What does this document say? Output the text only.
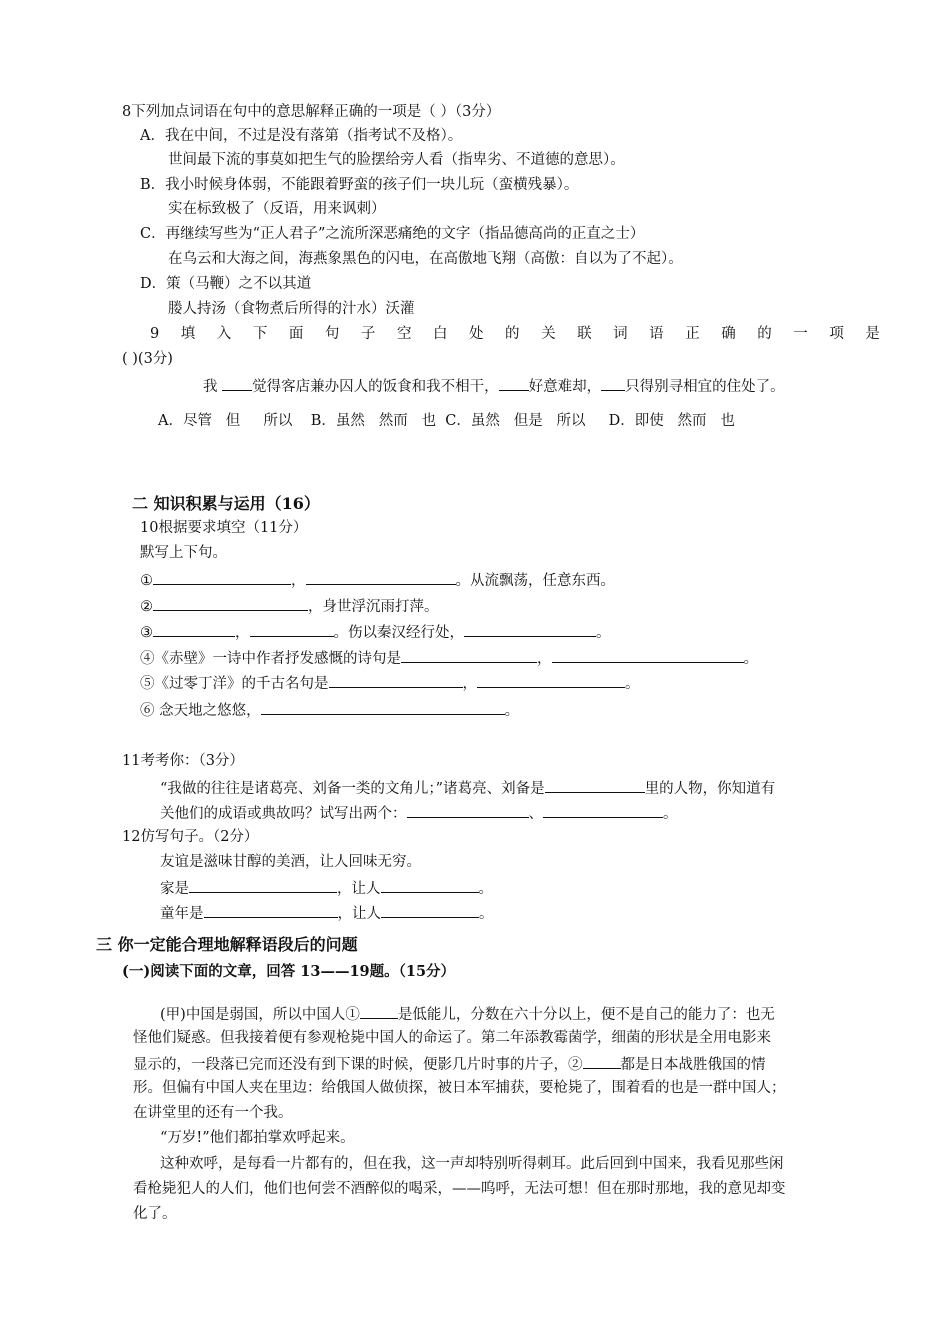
8下列加点词语在句中的意思解释正确的一项是（ ）（3分）
A．我在中间，不过是没有落第（指考试不及格）。
世间最下流的事莫如把生气的脸摆给旁人看（指卑劣、不道德的意思）。
B．我小时候身体弱，不能跟着野蛮的孩子们一块儿玩（蛮横残暴）。
实在标致极了（反语，用来讽刺）
C．再继续写些为“正人君子”之流所深恶痛绝的文字（指品德高尚的正直之士）
在乌云和大海之间，海燕象黑色的闪电，在高傲地飞翔（高傲：自以为了不起）。
D．策（马鞭）之不以其道
媵人持汤（食物煮后所得的汁水）沃灌
9 填 入 下 面 句 子 空 白 处 的 关 联 词 语 正 确 的 一 项 是
( )(3分)
我 觉得客店兼办囚人的饭食和我不相干， 好意难却， 只得别寻相宜的住处了。
A．尽管   但     所以    B．虽然   然而   也  C．虽然   但是   所以     D．即使   然而   也
二 知识积累与运用（16）
10根据要求填空（11分）
默写上下句。
①	，	。从流飘荡，任意东西。
②	，身世浮沉雨打萍。
③	，	。伤以秦汉经行处，	。
④《赤壁》一诗中作者抒发感慨的诗句是	，	。
⑤《过零丁洋》的千古名句是	，	。
⑥ 念天地之悠悠，	。
11考考你：（3分）
“我做的往往是诸葛亮、刘备一类的文角儿；”诸葛亮、刘备是	里的人物，你知道有
关他们的成语或典故吗？试写出两个：	、	。
12仿写句子。（2分）
友谊是滋味甘醇的美酒，让人回味无穷。
家是	，让人	。
童年是	，让人	。
三 你一定能合理地解释语段后的问题
(一)阅读下面的文章，回答 13——19题。（15分）
(甲)中国是弱国，所以中国人①	是低能儿，分数在六十分以上，便不是自己的能力了：也无
怪他们疑惑。但我接着便有参观枪毙中国人的命运了。第二年添教霉菌学，细菌的形状是全用电影来
显示的，一段落已完而还没有到下课的时候，便影几片时事的片子，②	都是日本战胜俄国的情
形。但偏有中国人夹在里边：给俄国人做侦探，被日本军捕获，要枪毙了，围着看的也是一群中国人；
在讲堂里的还有一个我。
“万岁!”他们都拍掌欢呼起来。
这种欢呼，是每看一片都有的，但在我，这一声却特别听得刺耳。此后回到中国来，我看见那些闲
看枪毙犯人的人们，他们也何尝不酒醉似的喝采，——呜呼，无法可想！但在那时那地，我的意见却变
化了。
